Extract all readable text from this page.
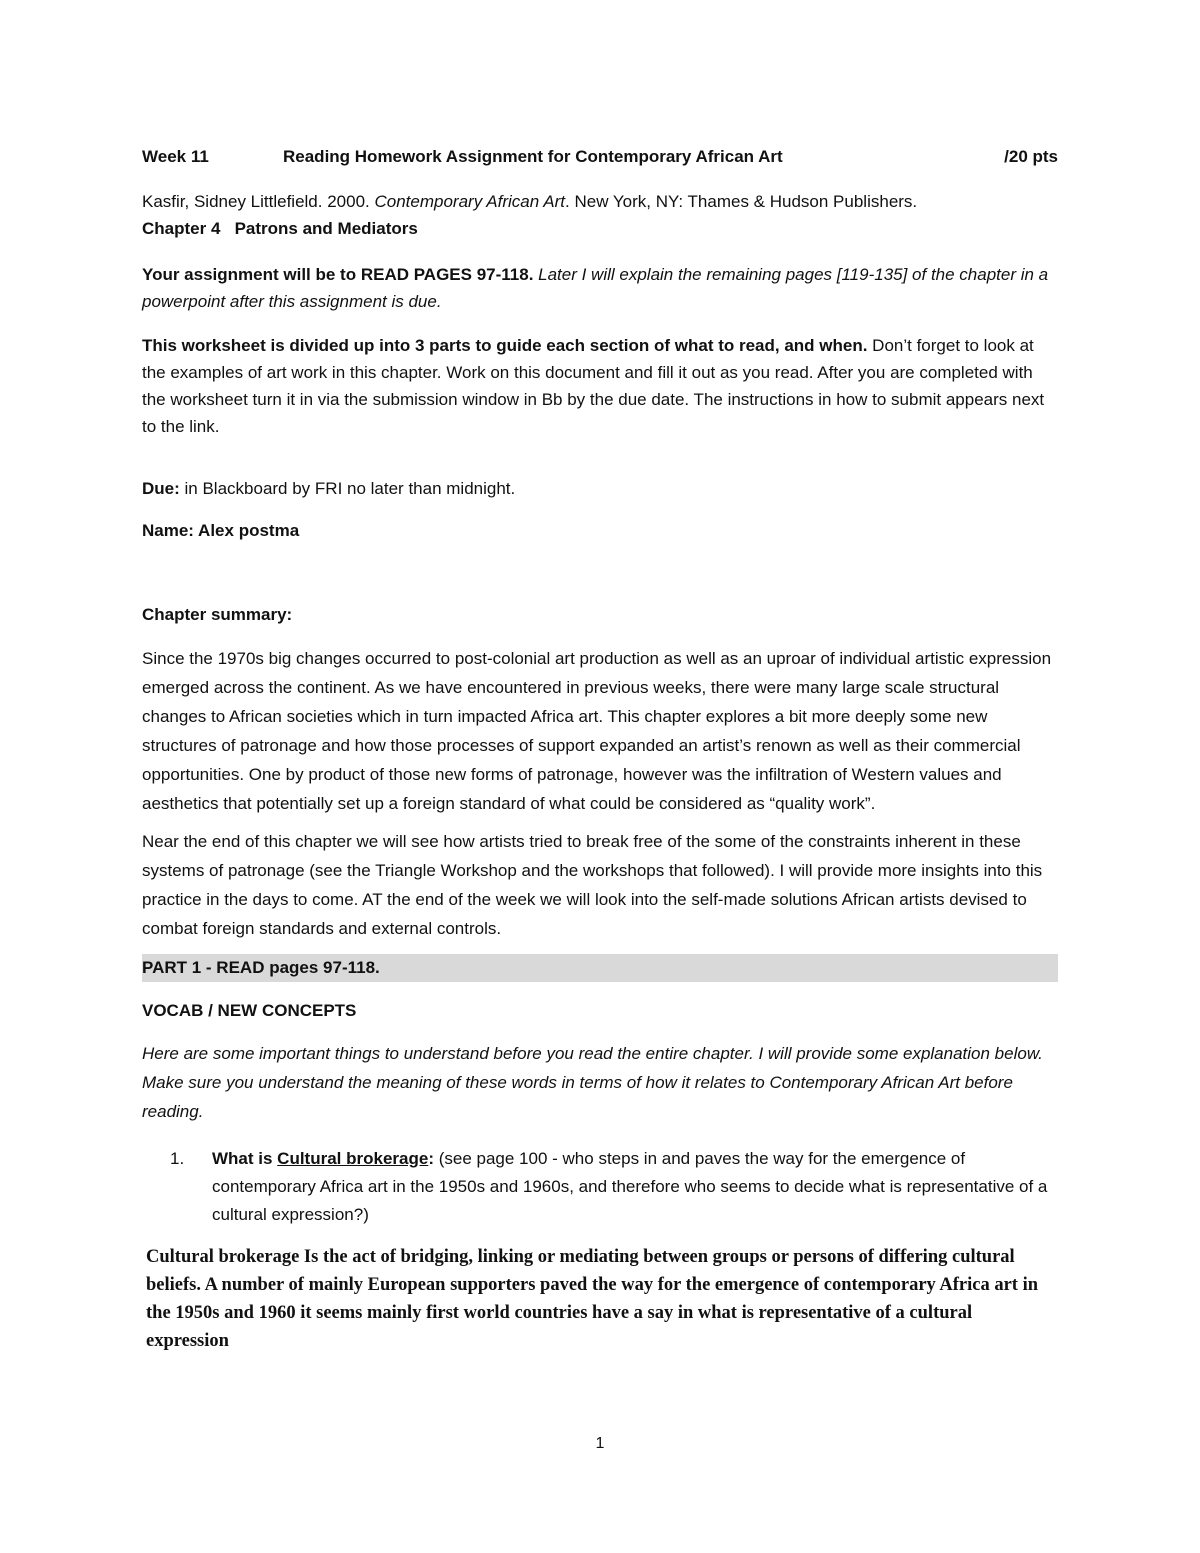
Week 11	Reading Homework Assignment for Contemporary African Art	/20 pts

Kasfir, Sidney Littlefield. 2000. Contemporary African Art. New York, NY: Thames & Hudson Publishers.

Chapter 4   Patrons and Mediators

Your assignment will be to READ PAGES 97-118. Later I will explain the remaining pages [119-135] of the chapter in a powerpoint after this assignment is due.

This worksheet is divided up into 3 parts to guide each section of what to read, and when. Don’t forget to look at the examples of art work in this chapter. Work on this document and fill it out as you read. After you are completed with the worksheet turn it in via the submission window in Bb by the due date. The instructions in how to submit appears next to the link.

Due: in Blackboard by FRI no later than midnight.

Name: Alex postma

Chapter summary:

Since the 1970s big changes occurred to post-colonial art production as well as an uproar of individual artistic expression emerged across the continent. As we have encountered in previous weeks, there were many large scale structural changes to African societies which in turn impacted Africa art. This chapter explores a bit more deeply some new structures of patronage and how those processes of support expanded an artist’s renown as well as their commercial opportunities. One by product of those new forms of patronage, however was the infiltration of Western values and aesthetics that potentially set up a foreign standard of what could be considered as “quality work”.

Near the end of this chapter we will see how artists tried to break free of the some of the constraints inherent in these systems of patronage (see the Triangle Workshop and the workshops that followed). I will provide more insights into this practice in the days to come. AT the end of the week we will look into the self-made solutions African artists devised to combat foreign standards and external controls.

PART 1 - READ pages 97-118.

VOCAB / NEW CONCEPTS

Here are some important things to understand before you read the entire chapter. I will provide some explanation below. Make sure you understand the meaning of these words in terms of how it relates to Contemporary African Art before reading.

1.	What is Cultural brokerage: (see page 100 - who steps in and paves the way for the emergence of contemporary Africa art in the 1950s and 1960s, and therefore who seems to decide what is representative of a cultural expression?)

Cultural brokerage Is the act of bridging, linking or mediating between groups or persons of differing cultural beliefs. A number of mainly European supporters paved the way for the emergence of contemporary Africa art in the 1950s and 1960 it seems mainly first world countries have a say in what is representative of a cultural expression

1
